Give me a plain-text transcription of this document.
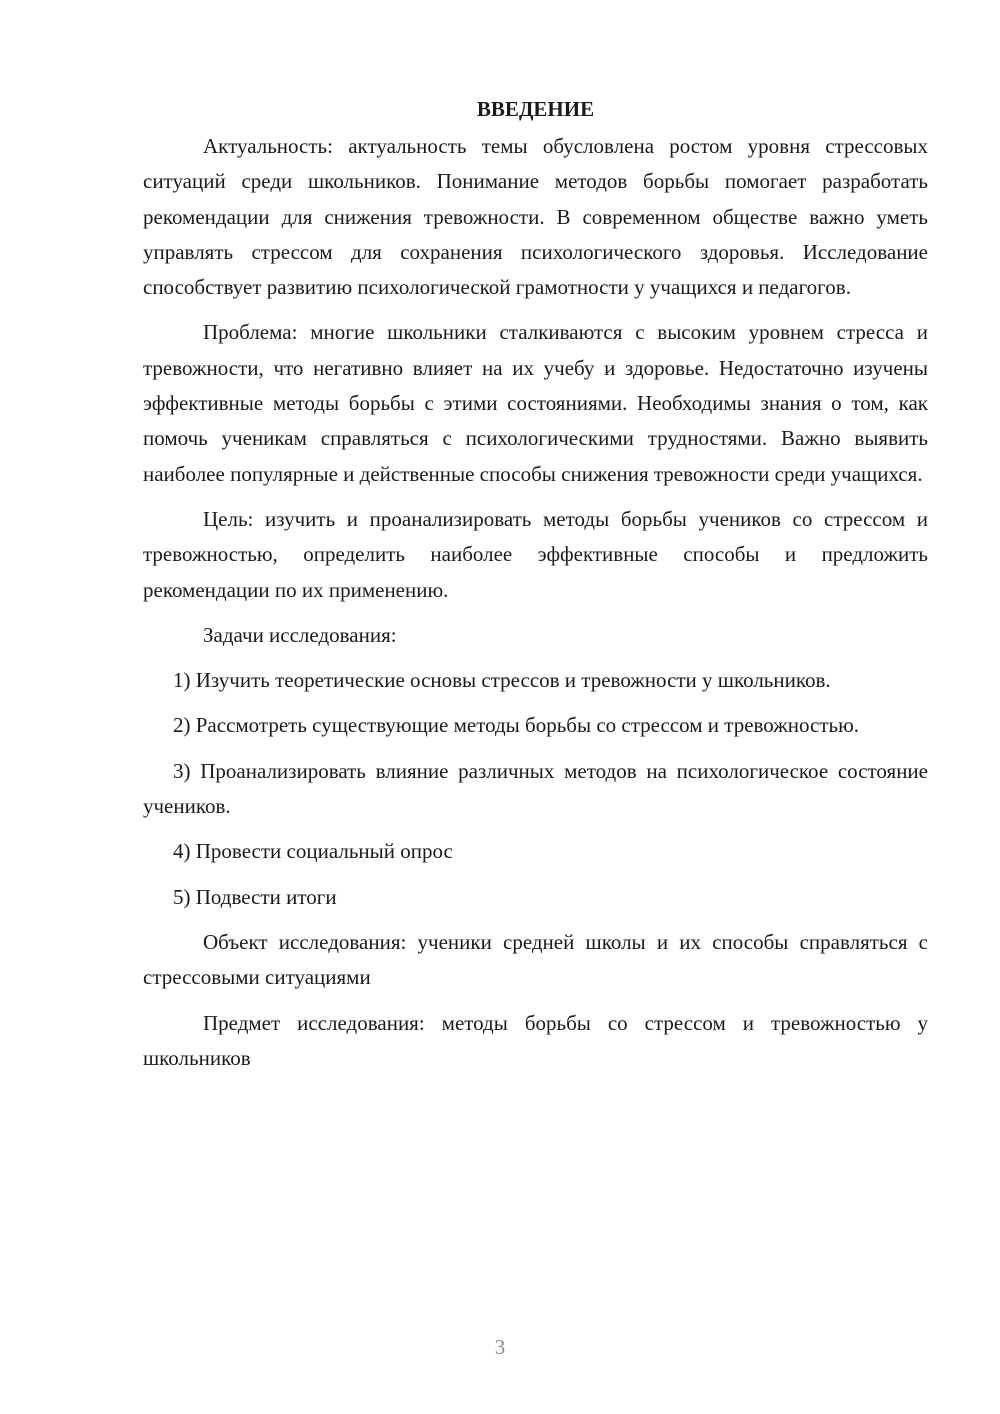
ВВЕДЕНИЕ

Актуальность: актуальность темы обусловлена ростом уровня стрессовых ситуаций среди школьников. Понимание методов борьбы помогает разработать рекомендации для снижения тревожности. В современном обществе важно уметь управлять стрессом для сохранения психологического здоровья. Исследование способствует развитию психологической грамотности у учащихся и педагогов.

Проблема: многие школьники сталкиваются с высоким уровнем стресса и тревожности, что негативно влияет на их учебу и здоровье. Недостаточно изучены эффективные методы борьбы с этими состояниями. Необходимы знания о том, как помочь ученикам справляться с психологическими трудностями. Важно выявить наиболее популярные и действенные способы снижения тревожности среди учащихся.

Цель: изучить и проанализировать методы борьбы учеников со стрессом и тревожностью, определить наиболее эффективные способы и предложить рекомендации по их применению.

Задачи исследования:

1) Изучить теоретические основы стрессов и тревожности у школьников.

2) Рассмотреть существующие методы борьбы со стрессом и тревожностью.

3) Проанализировать влияние различных методов на психологическое состояние учеников.

4) Провести социальный опрос

5) Подвести итоги

Объект исследования: ученики средней школы и их способы справляться с стрессовыми ситуациями

Предмет исследования: методы борьбы со стрессом и тревожностью у школьников

3
